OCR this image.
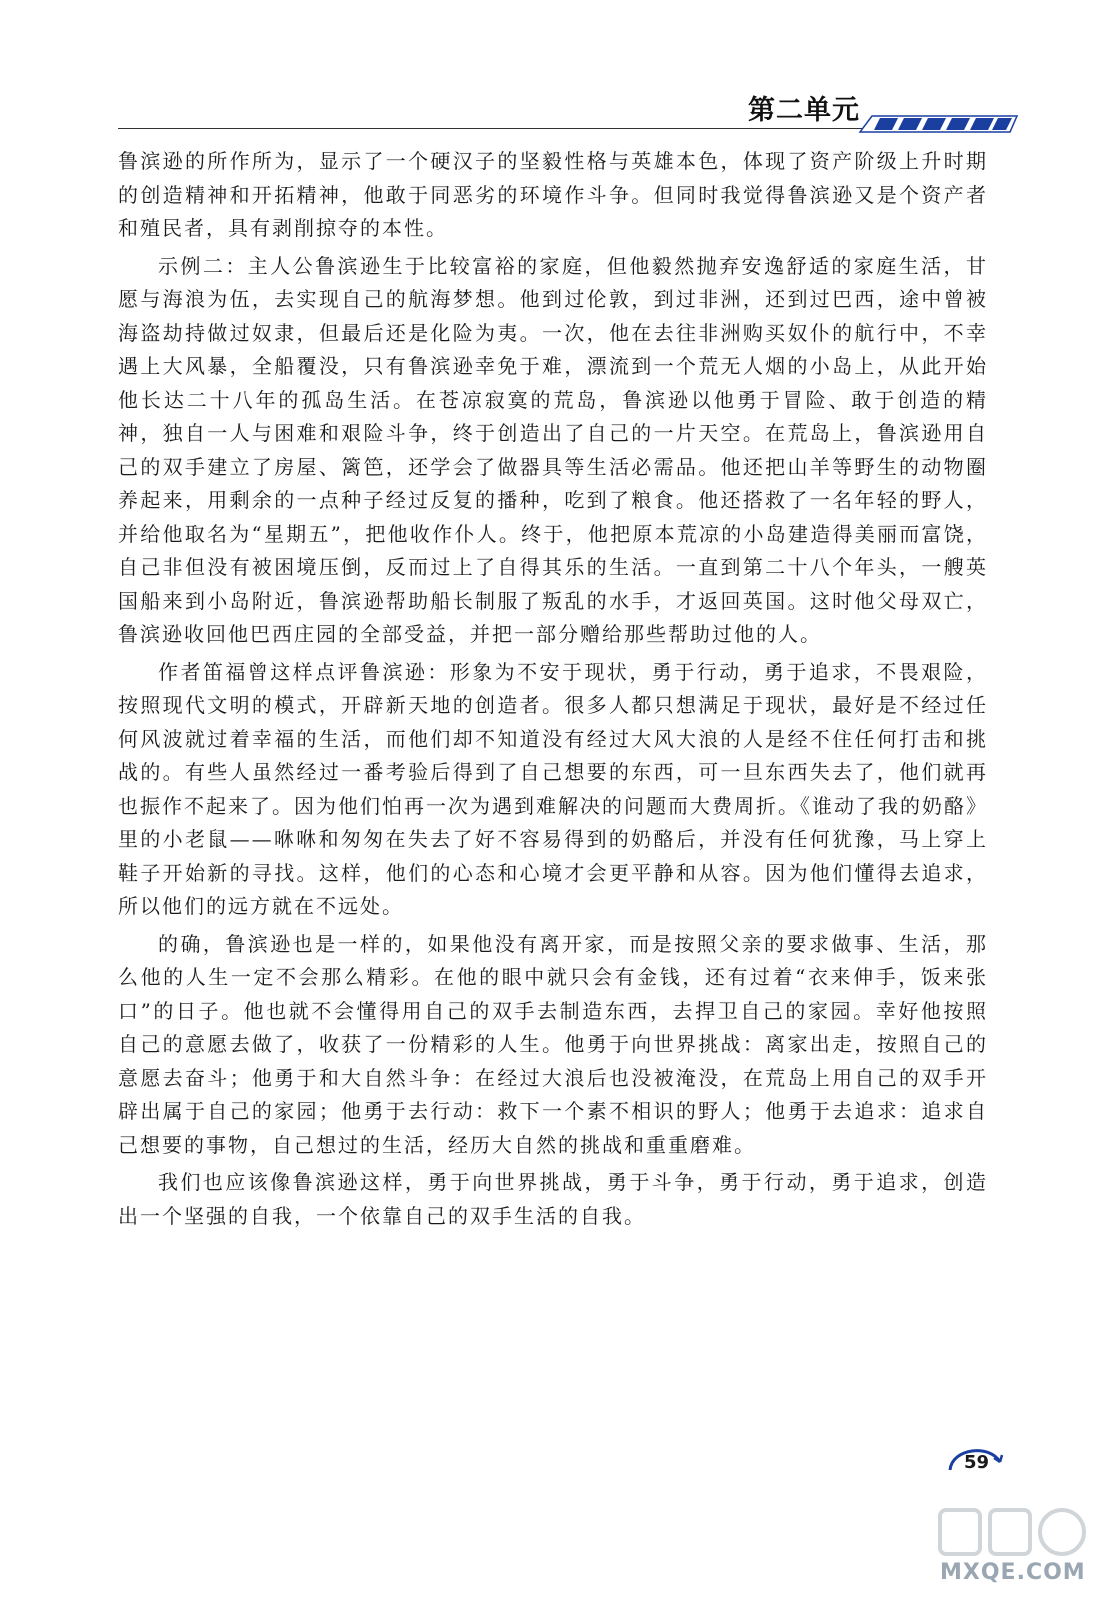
第二单元

鲁滨逊的所作所为，显示了一个硬汉子的坚毅性格与英雄本色，体现了资产阶级上升时期的创造精神和开拓精神，他敢于同恶劣的环境作斗争。但同时我觉得鲁滨逊又是个资产者和殖民者，具有剥削掠夺的本性。

示例二：主人公鲁滨逊生于比较富裕的家庭，但他毅然抛弃安逸舒适的家庭生活，甘愿与海浪为伍，去实现自己的航海梦想。他到过伦敦，到过非洲，还到过巴西，途中曾被海盗劫持做过奴隶，但最后还是化险为夷。一次，他在去往非洲购买奴仆的航行中，不幸遇上大风暴，全船覆没，只有鲁滨逊幸免于难，漂流到一个荒无人烟的小岛上，从此开始他长达二十八年的孤岛生活。在苍凉寂寞的荒岛，鲁滨逊以他勇于冒险、敢于创造的精神，独自一人与困难和艰险斗争，终于创造出了自己的一片天空。在荒岛上，鲁滨逊用自己的双手建立了房屋、篱笆，还学会了做器具等生活必需品。他还把山羊等野生的动物圈养起来，用剩余的一点种子经过反复的播种，吃到了粮食。他还搭救了一名年轻的野人，并给他取名为“星期五”，把他收作仆人。终于，他把原本荒凉的小岛建造得美丽而富饶，自己非但没有被困境压倒，反而过上了自得其乐的生活。一直到第二十八个年头，一艘英国船来到小岛附近，鲁滨逊帮助船长制服了叛乱的水手，才返回英国。这时他父母双亡，鲁滨逊收回他巴西庄园的全部受益，并把一部分赠给那些帮助过他的人。

作者笛福曾这样点评鲁滨逊：形象为不安于现状，勇于行动，勇于追求，不畏艰险，按照现代文明的模式，开辟新天地的创造者。很多人都只想满足于现状，最好是不经过任何风波就过着幸福的生活，而他们却不知道没有经过大风大浪的人是经不住任何打击和挑战的。有些人虽然经过一番考验后得到了自己想要的东西，可一旦东西失去了，他们就再也振作不起来了。因为他们怕再一次为遇到难解决的问题而大费周折。《谁动了我的奶酪》里的小老鼠——咻咻和匆匆在失去了好不容易得到的奶酪后，并没有任何犹豫，马上穿上鞋子开始新的寻找。这样，他们的心态和心境才会更平静和从容。因为他们懂得去追求，所以他们的远方就在不远处。

的确，鲁滨逊也是一样的，如果他没有离开家，而是按照父亲的要求做事、生活，那么他的人生一定不会那么精彩。在他的眼中就只会有金钱，还有过着“衣来伸手，饭来张口”的日子。他也就不会懂得用自己的双手去制造东西，去捍卫自己的家园。幸好他按照自己的意愿去做了，收获了一份精彩的人生。他勇于向世界挑战：离家出走，按照自己的意愿去奋斗；他勇于和大自然斗争：在经过大浪后也没被淹没，在荒岛上用自己的双手开辟出属于自己的家园；他勇于去行动：救下一个素不相识的野人；他勇于去追求：追求自己想要的事物，自己想过的生活，经历大自然的挑战和重重磨难。

我们也应该像鲁滨逊这样，勇于向世界挑战，勇于斗争，勇于行动，勇于追求，创造出一个坚强的自我，一个依靠自己的双手生活的自我。

59
MXQE.COM
